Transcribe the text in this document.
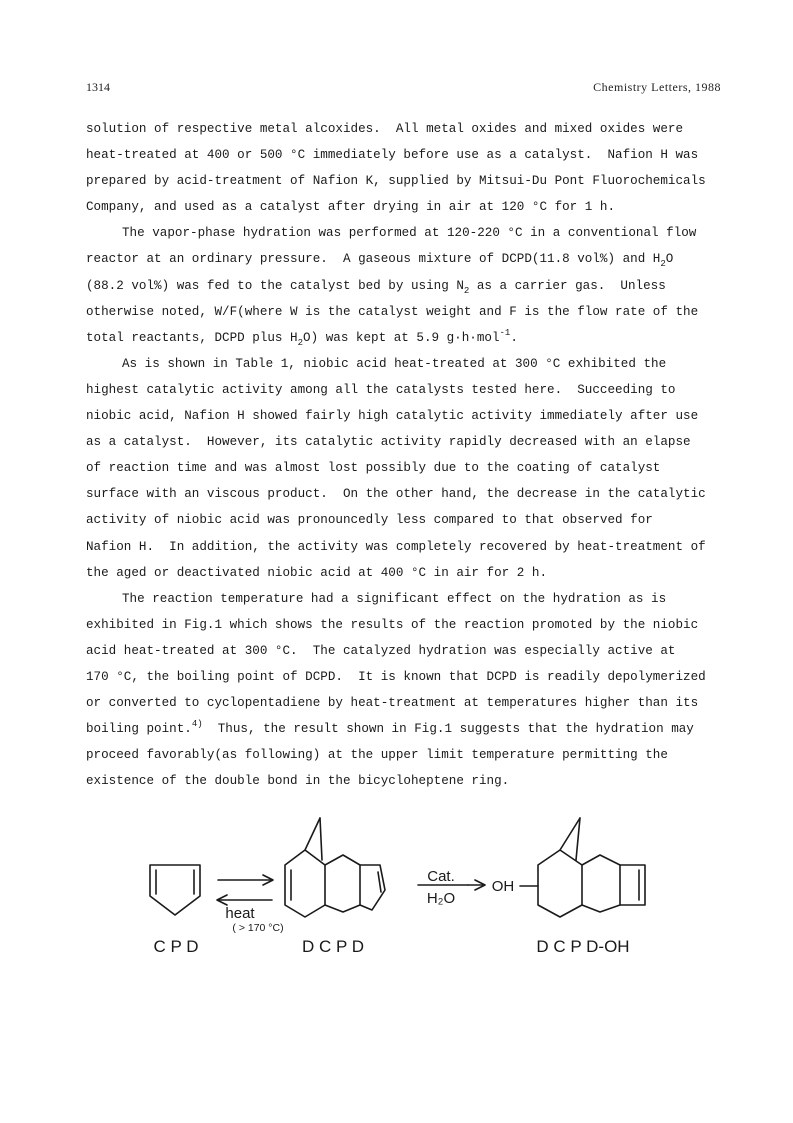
1314	Chemistry Letters, 1988
solution of respective metal alcoxides.  All metal oxides and mixed oxides were
heat-treated at 400 or 500 °C immediately before use as a catalyst.  Nafion H was
prepared by acid-treatment of Nafion K, supplied by Mitsui-Du Pont Fluorochemicals
Company, and used as a catalyst after drying in air at 120 °C for 1 h.
The vapor-phase hydration was performed at 120-220 °C in a conventional flow
reactor at an ordinary pressure.  A gaseous mixture of DCPD(11.8 vol%) and $H_2O$
(88.2 vol%) was fed to the catalyst bed by using $N_2$ as a carrier gas.  Unless
otherwise noted, W/F(where W is the catalyst weight and F is the flow rate of the
total reactants, DCPD plus $H_2O$) was kept at 5.9 g·h·mol$^{-1}$.
As is shown in Table 1, niobic acid heat-treated at 300 °C exhibited the
highest catalytic activity among all the catalysts tested here.  Succeeding to
niobic acid, Nafion H showed fairly high catalytic activity immediately after use
as a catalyst.  However, its catalytic activity rapidly decreased with an elapse
of reaction time and was almost lost possibly due to the coating of catalyst
surface with an viscous product.  On the other hand, the decrease in the catalytic
activity of niobic acid was pronouncedly less compared to that observed for
Nafion H.  In addition, the activity was completely recovered by heat-treatment of
the aged or deactivated niobic acid at 400 °C in air for 2 h.
The reaction temperature had a significant effect on the hydration as is
exhibited in Fig.1 which shows the results of the reaction promoted by the niobic
acid heat-treated at 300 °C.  The catalyzed hydration was especially active at
170 °C, the boiling point of DCPD.  It is known that DCPD is readily depolymerized
or converted to cyclopentadiene by heat-treatment at temperatures higher than its
boiling point.$^{4)}$  Thus, the result shown in Fig.1 suggests that the hydration may
proceed favorably(as following) at the upper limit temperature permitting the
existence of the double bond in the bicycloheptene ring.
heat
( > 170 °C)
Cat.
H₂O
OH
C P D	D C P D	D C P D-OH
